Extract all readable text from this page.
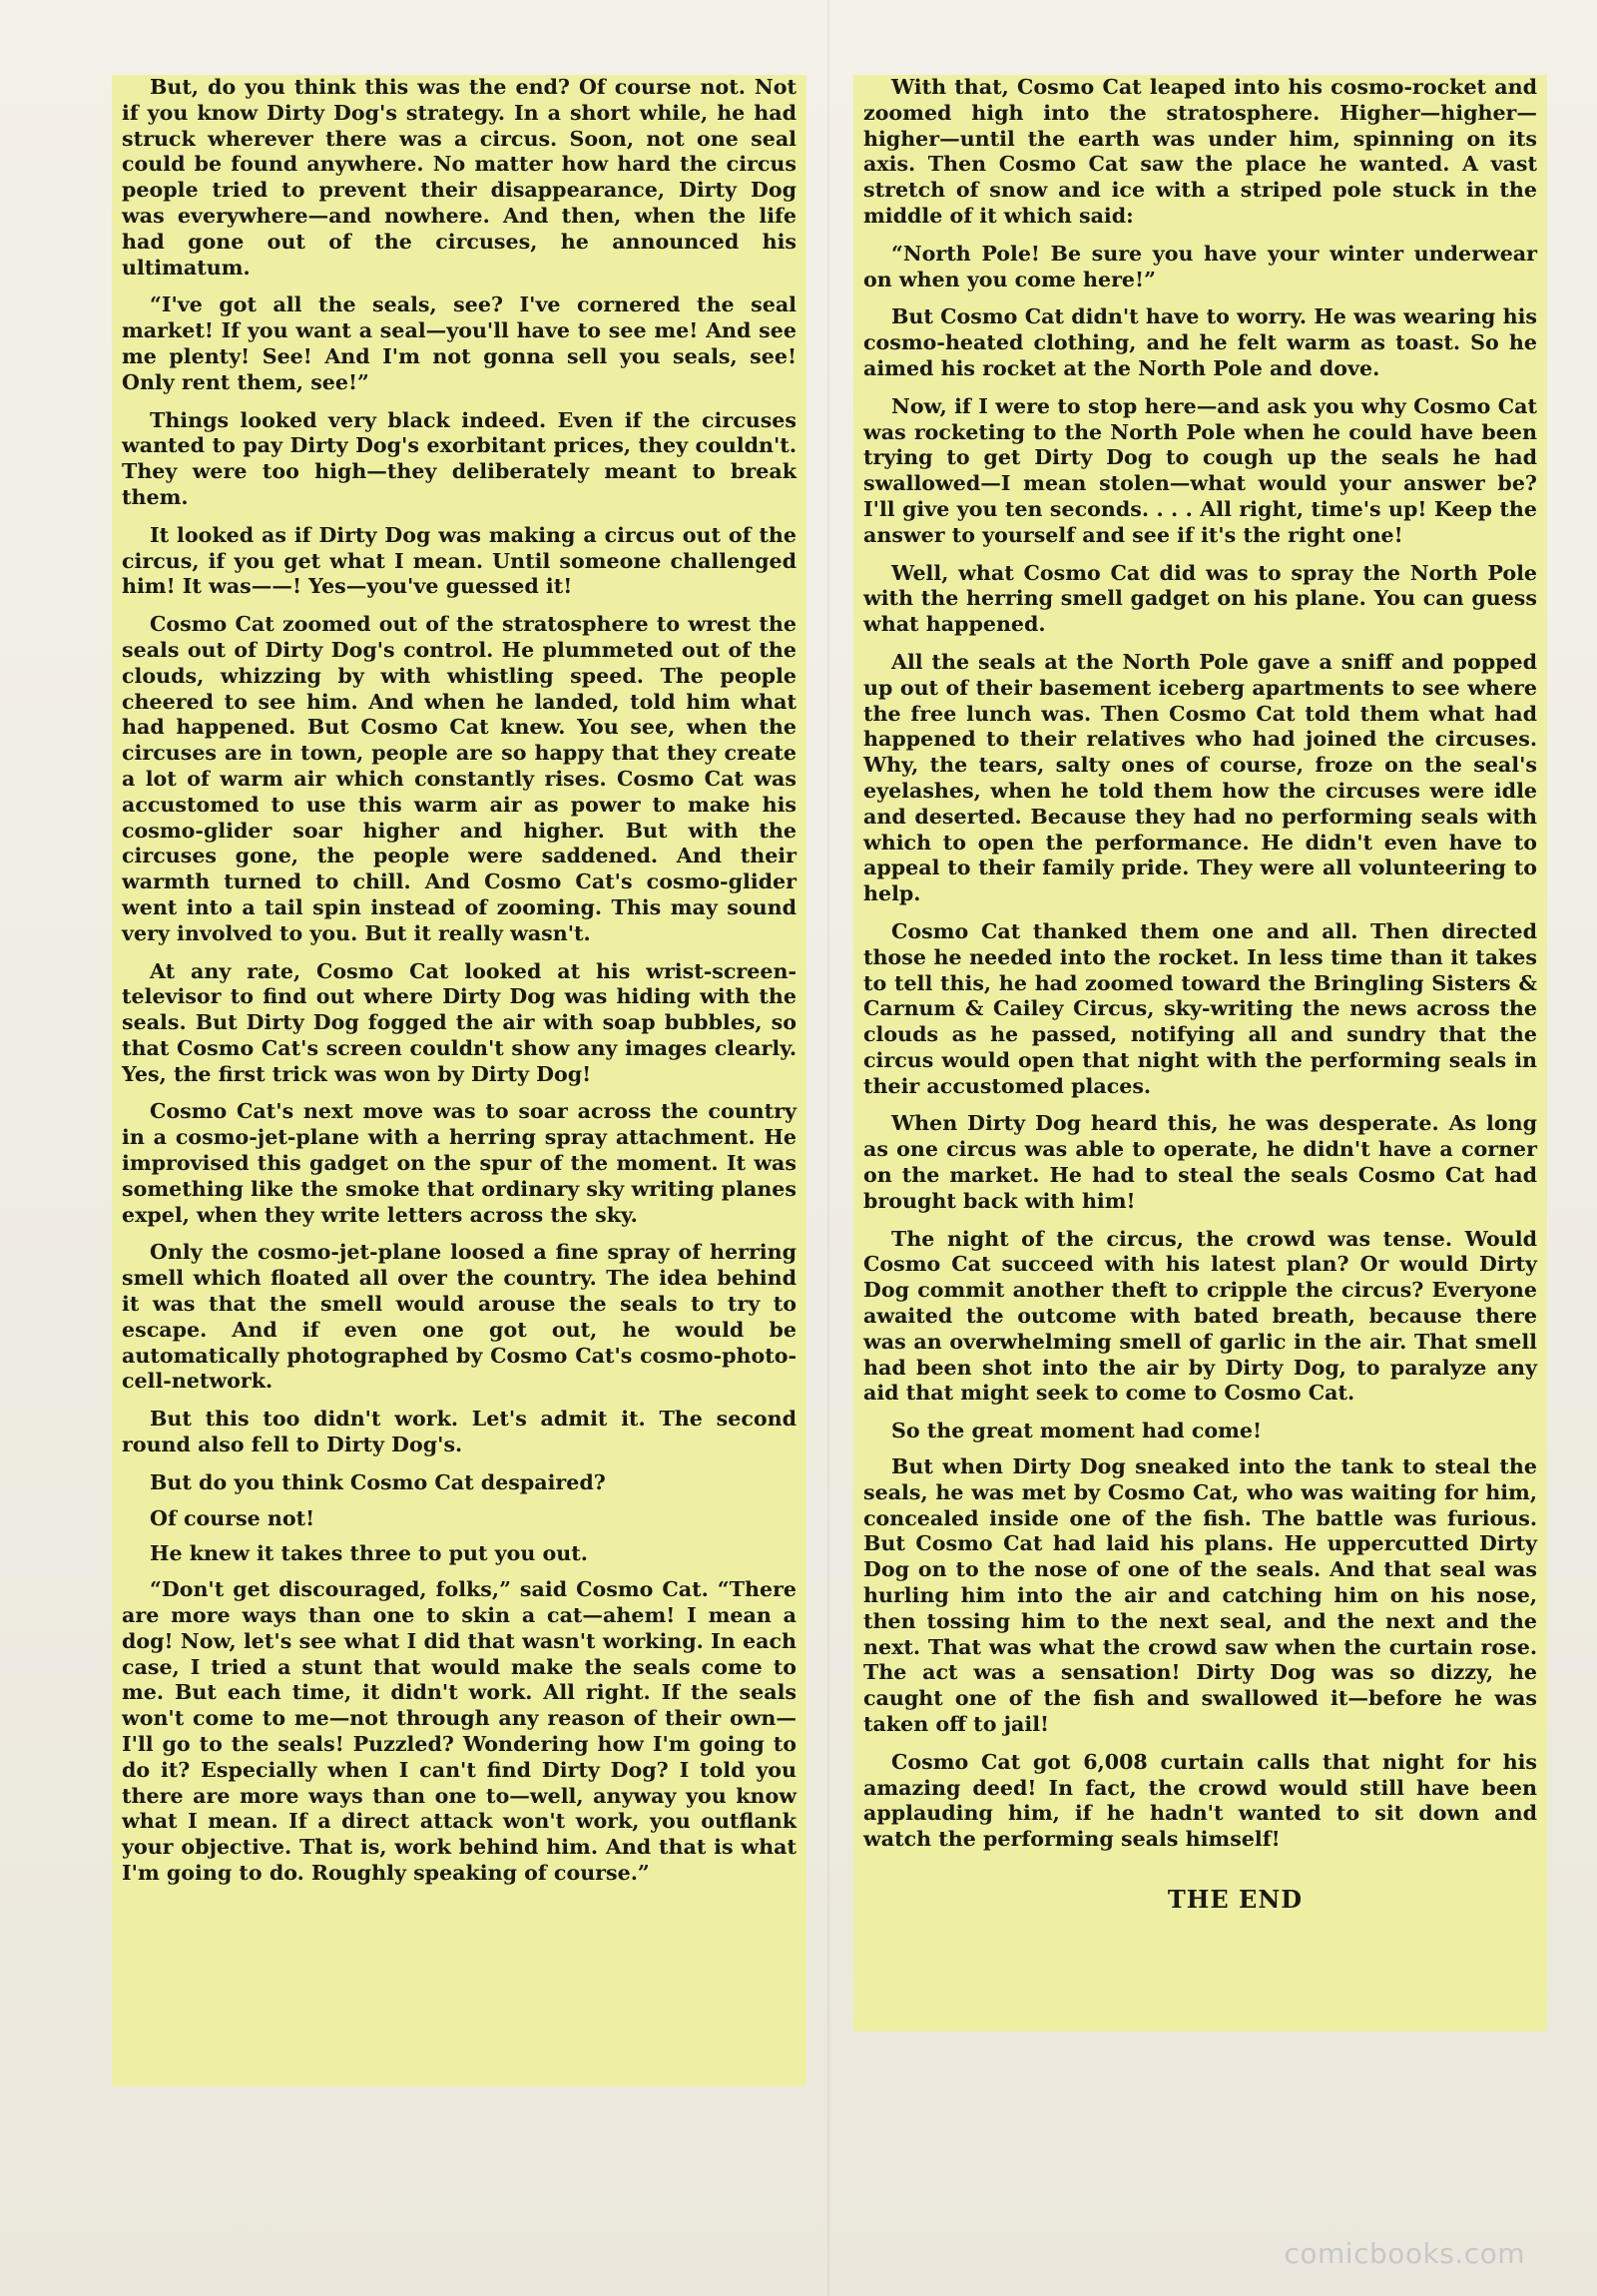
But, do you think this was the end? Of course not. Not if you know Dirty Dog's strategy. In a short while, he had struck wherever there was a circus. Soon, not one seal could be found anywhere. No matter how hard the circus people tried to prevent their disappearance, Dirty Dog was everywhere—and nowhere. And then, when the life had gone out of the circuses, he announced his ultimatum.

“I've got all the seals, see? I've cornered the seal market! If you want a seal—you'll have to see me! And see me plenty! See! And I'm not gonna sell you seals, see! Only rent them, see!”

Things looked very black indeed. Even if the circuses wanted to pay Dirty Dog's exorbitant prices, they couldn't. They were too high—they deliberately meant to break them.

It looked as if Dirty Dog was making a circus out of the circus, if you get what I mean. Until someone challenged him! It was——! Yes—you've guessed it!

Cosmo Cat zoomed out of the stratosphere to wrest the seals out of Dirty Dog's control. He plummeted out of the clouds, whizzing by with whistling speed. The people cheered to see him. And when he landed, told him what had happened. But Cosmo Cat knew. You see, when the circuses are in town, people are so happy that they create a lot of warm air which constantly rises. Cosmo Cat was accustomed to use this warm air as power to make his cosmo-glider soar higher and higher. But with the circuses gone, the people were saddened. And their warmth turned to chill. And Cosmo Cat's cosmo-glider went into a tail spin instead of zooming. This may sound very involved to you. But it really wasn't.

At any rate, Cosmo Cat looked at his wrist-screen-televisor to find out where Dirty Dog was hiding with the seals. But Dirty Dog fogged the air with soap bubbles, so that Cosmo Cat's screen couldn't show any images clearly. Yes, the first trick was won by Dirty Dog!

Cosmo Cat's next move was to soar across the country in a cosmo-jet-plane with a herring spray attachment. He improvised this gadget on the spur of the moment. It was something like the smoke that ordinary sky writing planes expel, when they write letters across the sky.

Only the cosmo-jet-plane loosed a fine spray of herring smell which floated all over the country. The idea behind it was that the smell would arouse the seals to try to escape. And if even one got out, he would be automatically photographed by Cosmo Cat's cosmo-photo-cell-network.

But this too didn't work. Let's admit it. The second round also fell to Dirty Dog's.

But do you think Cosmo Cat despaired?

Of course not!

He knew it takes three to put you out.

“Don't get discouraged, folks,” said Cosmo Cat. “There are more ways than one to skin a cat—ahem! I mean a dog! Now, let's see what I did that wasn't working. In each case, I tried a stunt that would make the seals come to me. But each time, it didn't work. All right. If the seals won't come to me—not through any reason of their own—I'll go to the seals! Puzzled? Wondering how I'm going to do it? Especially when I can't find Dirty Dog? I told you there are more ways than one to—well, anyway you know what I mean. If a direct attack won't work, you outflank your objective. That is, work behind him. And that is what I'm going to do. Roughly speaking of course.”

With that, Cosmo Cat leaped into his cosmo-rocket and zoomed high into the stratosphere. Higher—higher—higher—until the earth was under him, spinning on its axis. Then Cosmo Cat saw the place he wanted. A vast stretch of snow and ice with a striped pole stuck in the middle of it which said:

“North Pole! Be sure you have your winter underwear on when you come here!”

But Cosmo Cat didn't have to worry. He was wearing his cosmo-heated clothing, and he felt warm as toast. So he aimed his rocket at the North Pole and dove.

Now, if I were to stop here—and ask you why Cosmo Cat was rocketing to the North Pole when he could have been trying to get Dirty Dog to cough up the seals he had swallowed—I mean stolen—what would your answer be? I'll give you ten seconds. . . . All right, time's up! Keep the answer to yourself and see if it's the right one!

Well, what Cosmo Cat did was to spray the North Pole with the herring smell gadget on his plane. You can guess what happened.

All the seals at the North Pole gave a sniff and popped up out of their basement iceberg apartments to see where the free lunch was. Then Cosmo Cat told them what had happened to their relatives who had joined the circuses. Why, the tears, salty ones of course, froze on the seal's eyelashes, when he told them how the circuses were idle and deserted. Because they had no performing seals with which to open the performance. He didn't even have to appeal to their family pride. They were all volunteering to help.

Cosmo Cat thanked them one and all. Then directed those he needed into the rocket. In less time than it takes to tell this, he had zoomed toward the Bringling Sisters & Carnum & Cailey Circus, sky-writing the news across the clouds as he passed, notifying all and sundry that the circus would open that night with the performing seals in their accustomed places.

When Dirty Dog heard this, he was desperate. As long as one circus was able to operate, he didn't have a corner on the market. He had to steal the seals Cosmo Cat had brought back with him!

The night of the circus, the crowd was tense. Would Cosmo Cat succeed with his latest plan? Or would Dirty Dog commit another theft to cripple the circus? Everyone awaited the outcome with bated breath, because there was an overwhelming smell of garlic in the air. That smell had been shot into the air by Dirty Dog, to paralyze any aid that might seek to come to Cosmo Cat.

So the great moment had come!

But when Dirty Dog sneaked into the tank to steal the seals, he was met by Cosmo Cat, who was waiting for him, concealed inside one of the fish. The battle was furious. But Cosmo Cat had laid his plans. He uppercutted Dirty Dog on to the nose of one of the seals. And that seal was hurling him into the air and catching him on his nose, then tossing him to the next seal, and the next and the next. That was what the crowd saw when the curtain rose. The act was a sensation! Dirty Dog was so dizzy, he caught one of the fish and swallowed it—before he was taken off to jail!

Cosmo Cat got 6,008 curtain calls that night for his amazing deed! In fact, the crowd would still have been applauding him, if he hadn't wanted to sit down and watch the performing seals himself!

THE END
comicbooks.com
